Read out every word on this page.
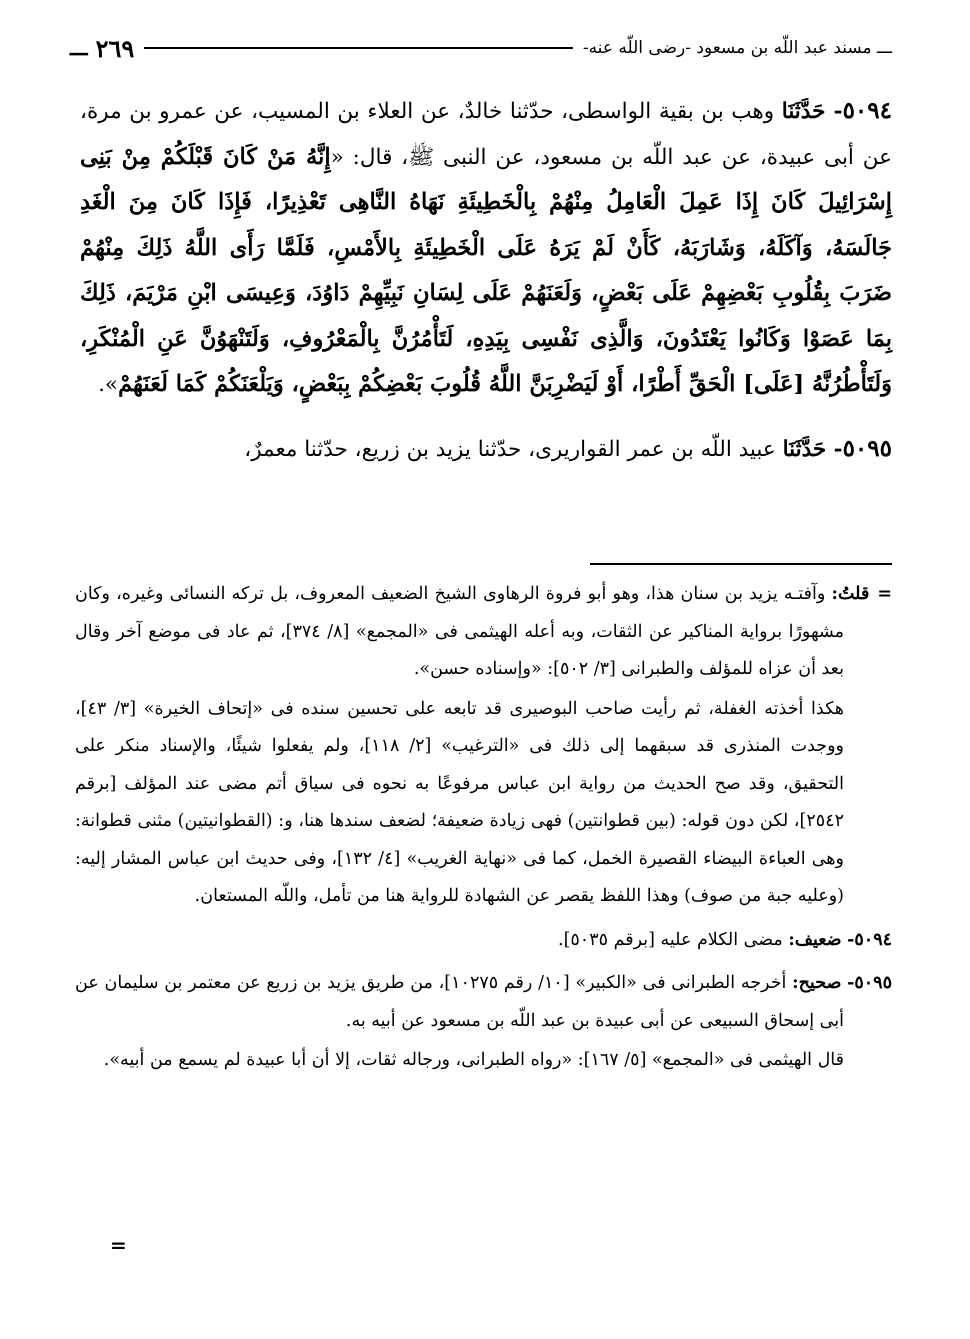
ـــ مسند عبد اللّه بن مسعود -رضى اللّه عنه-
٢٦٩
ـــ

٥٠٩٤- حَدَّثَنَا وهب بن بقية الواسطى، حدّثنا خالدٌ، عن العلاء بن المسيب، عن عمرو بن مرة، عن أبى عبيدة، عن عبد اللّه بن مسعود، عن النبى ﷺ، قال: «إِنَّهُ مَنْ كَانَ قَبْلَكُمْ مِنْ بَنِى إِسْرَائِيلَ كَانَ إِذَا عَمِلَ الْعَامِلُ مِنْهُمْ بِالْخَطِيئَةِ نَهَاهُ النَّاهِى تَعْذِيرًا، فَإِذَا كَانَ مِنَ الْغَدِ جَالَسَهُ، وَآكَلَهُ، وَشَارَبَهُ، كَأَنْ لَمْ يَرَهُ عَلَى الْخَطِيئَةِ بِالأَمْسِ، فَلَمَّا رَأَى اللَّهُ ذَلِكَ مِنْهُمْ ضَرَبَ بِقُلُوبِ بَعْضِهِمْ عَلَى بَعْضٍ، وَلَعَنَهُمْ عَلَى لِسَانِ نَبِيِّهِمْ دَاوُدَ، وَعِيسَى ابْنِ مَرْيَمَ، ذَلِكَ بِمَا عَصَوْا وَكَانُوا يَعْتَدُونَ، وَالَّذِى نَفْسِى بِيَدِهِ، لَتَأْمُرُنَّ بِالْمَعْرُوفِ، وَلَتَنْهَوُنَّ عَنِ الْمُنْكَرِ، وَلَتَأْطُرُنَّهُ [عَلَى] الْحَقِّ أَطْرًا، أَوْ لَيَضْرِبَنَّ اللَّهُ قُلُوبَ بَعْضِكُمْ بِبَعْضٍ، وَيَلْعَنَكُمْ كَمَا لَعَنَهُمْ».

٥٠٩٥- حَدَّثَنَا عبيد اللّه بن عمر القواريرى، حدّثنا يزيد بن زريع، حدّثنا معمرٌ،

=قلتُ: وآفتـه يزيد بن سنان هذا، وهو أبو فروة الرهاوى الشيخ الضعيف المعروف، بل تركه النسائى وغيره، وكان مشهورًا برواية المناكير عن الثقات، وبه أعله الهيثمى فى «المجمع» [٨/ ٣٧٤]، ثم عاد فى موضع آخر وقال بعد أن عزاه للمؤلف والطبرانى [٣/ ٥٠٢]: «وإسناده حسن».

هكذا أخذته الغفلة، ثم رأيت صاحب البوصيرى قد تابعه على تحسين سنده فى «إتحاف الخيرة» [٣/ ٤٣]، ووجدت المنذرى قد سبقهما إلى ذلك فى «الترغيب» [٢/ ١١٨]، ولم يفعلوا شيئًا، والإسناد منكر على التحقيق، وقد صح الحديث من رواية ابن عباس مرفوعًا به نحوه فى سياق أتم مضى عند المؤلف [برقم ٢٥٤٢]، لكن دون قوله: (بين قطوانتين) فهى زيادة ضعيفة؛ لضعف سندها هنا، و: (القطوانيتين) مثنى قطوانة: وهى العباءة البيضاء القصيرة الخمل، كما فى «نهاية الغريب» [٤/ ١٣٢]، وفى حديث ابن عباس المشار إليه: (وعليه جبة من صوف) وهذا اللفظ يقصر عن الشهادة للرواية هنا من تأمل، واللّه المستعان.

٥٠٩٤- ضعيف: مضى الكلام عليه [برقم ٥٠٣٥].

٥٠٩٥- صحيح: أخرجه الطبرانى فى «الكبير» [١٠/ رقم ١٠٢٧٥]، من طريق يزيد بن زريع عن معتمر بن سليمان عن أبى إسحاق السبيعى عن أبى عبيدة بن عبد اللّه بن مسعود عن أبيه به.

قال الهيثمى فى «المجمع» [٥/ ١٦٧]: «رواه الطبرانى، ورجاله ثقات، إلا أن أبا عبيدة لم يسمع من أبيه».

=
